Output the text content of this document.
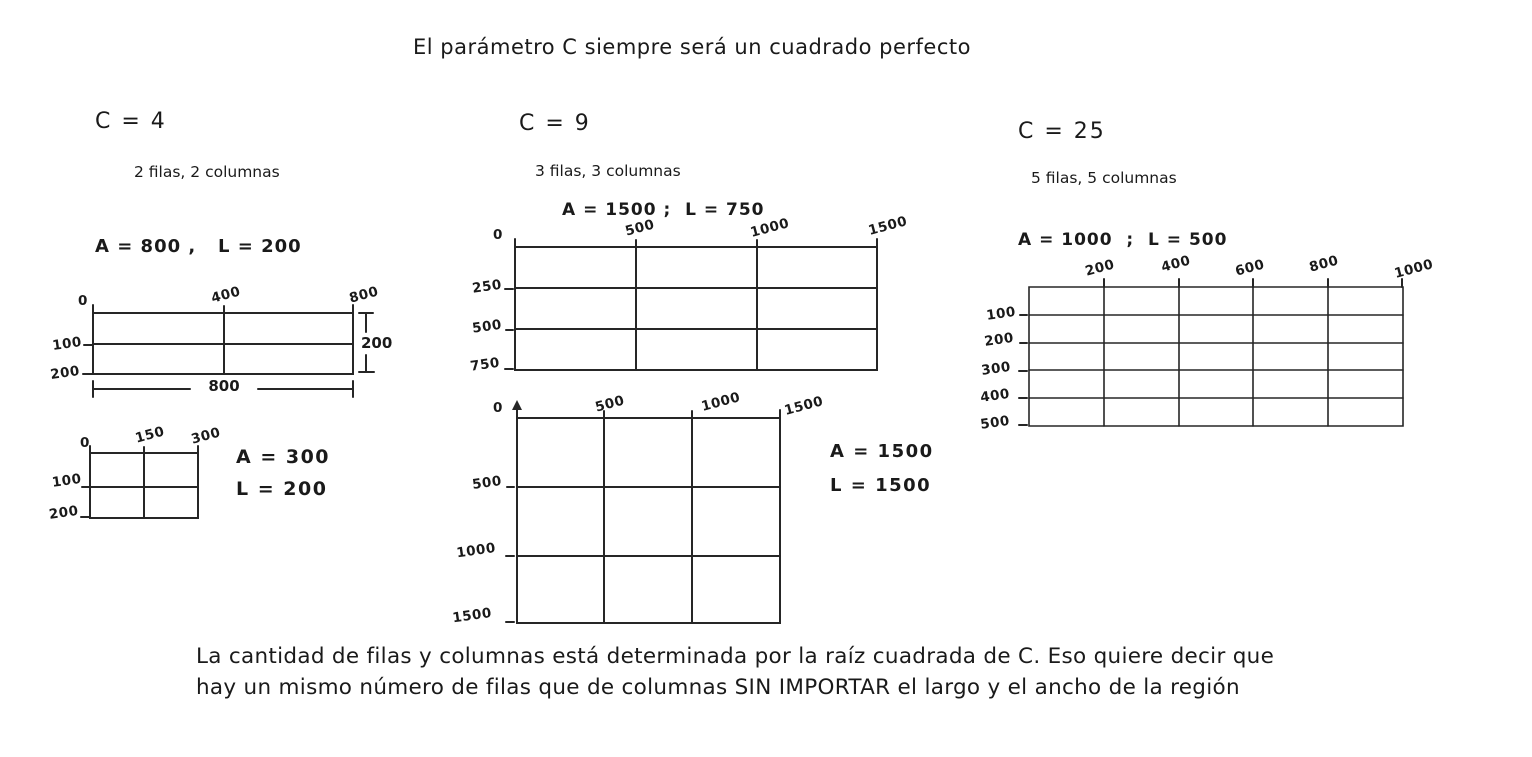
El parámetro C siempre será un cuadrado perfecto
C = 4
2 filas, 2 columnas
A = 800 ,   L = 200
0	400	800
100
200
800
200
0	150 300
100
200
A = 300
L = 200
C = 9
3 filas, 3 columnas
A = 1500 ;  L = 750
0	500	1000	1500
250
500
750
0	500	1000	1500
500
1000
1500
A = 1500
L = 1500
C = 25
5 filas, 5 columnas
A = 1000  ;  L = 500
200	400	600	800	1000
100
200
300
400
500
La cantidad de filas y columnas está determinada por la raíz cuadrada de C. Eso quiere decir que
hay un mismo número de filas que de columnas SIN IMPORTAR el largo y el ancho de la región
